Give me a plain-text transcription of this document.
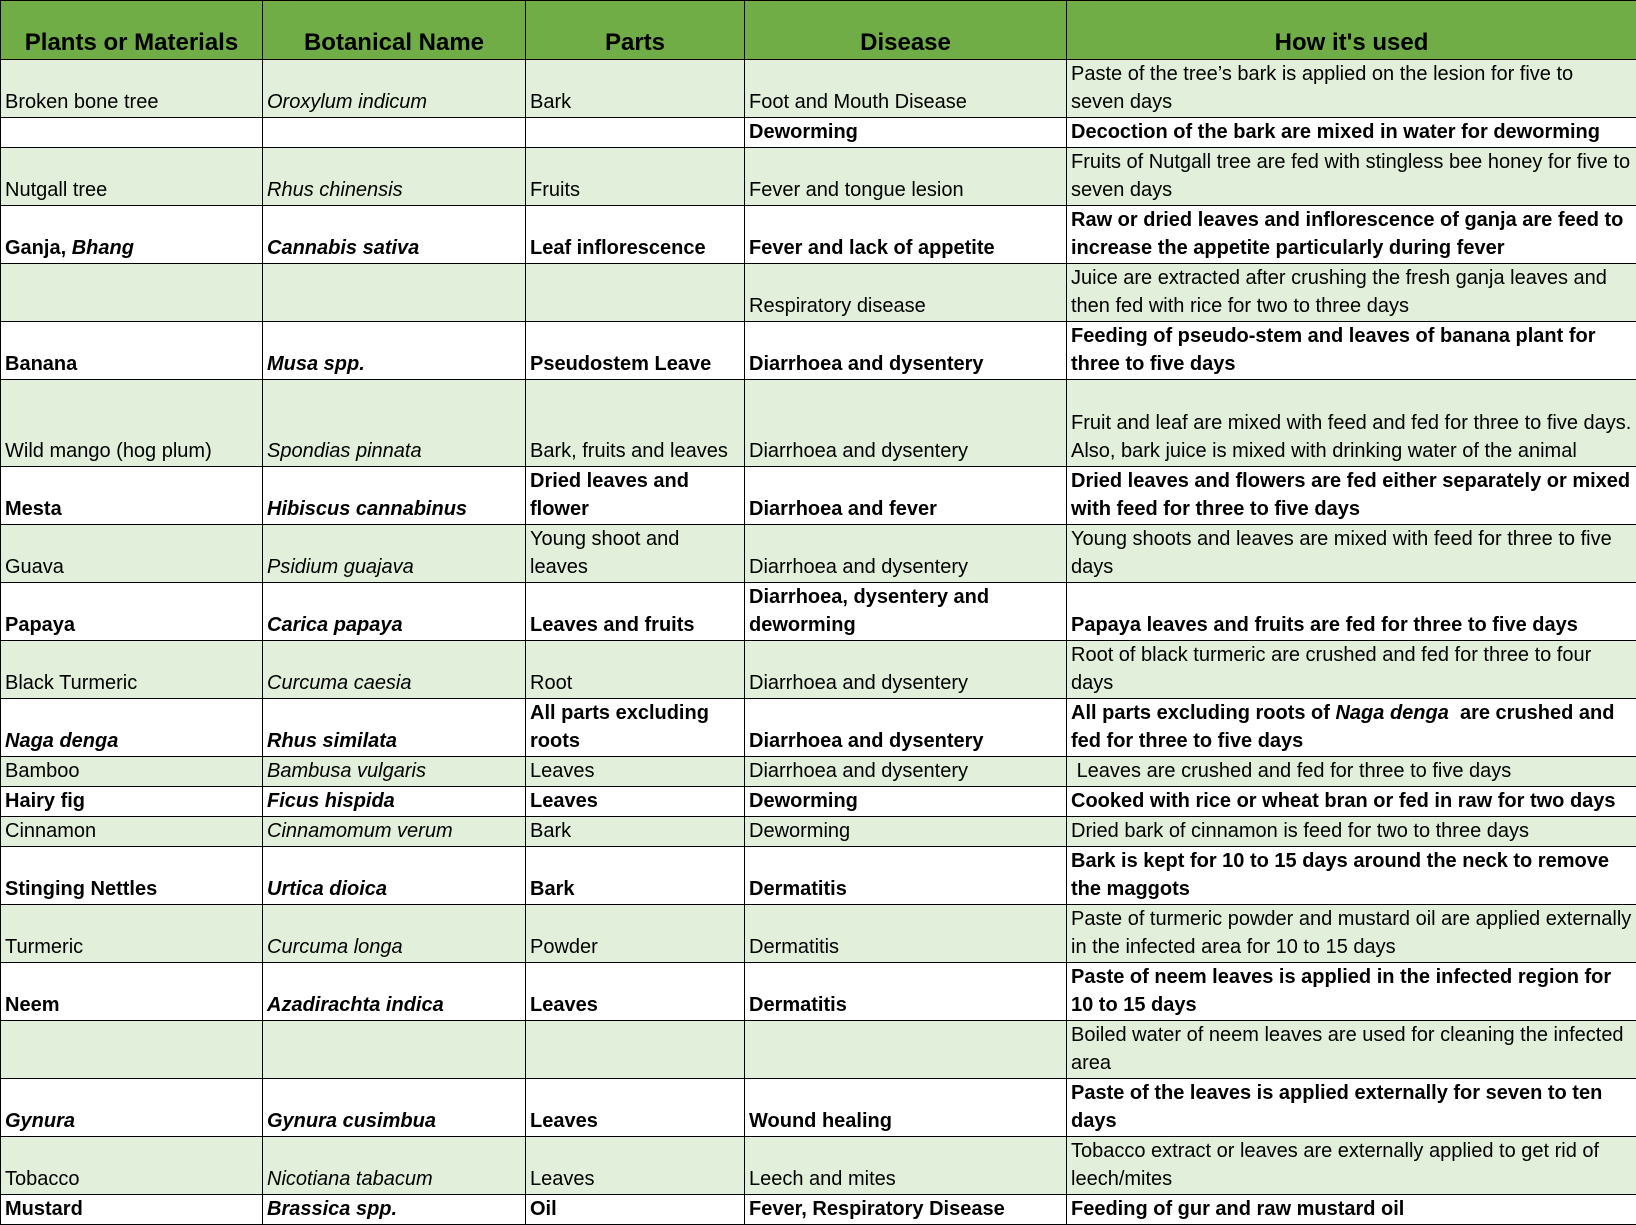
Plants or Materials	Botanical Name	Parts	Disease	How it's used
Broken bone tree	Oroxylum indicum	Bark	Foot and Mouth Disease	Paste of the tree’s bark is applied on the lesion for five to seven days
			Deworming	Decoction of the bark are mixed in water for deworming
Nutgall tree	Rhus chinensis	Fruits	Fever and tongue lesion	Fruits of Nutgall tree are fed with stingless bee honey for five to seven days
Ganja, Bhang	Cannabis sativa	Leaf inflorescence	Fever and lack of appetite	Raw or dried leaves and inflorescence of ganja are feed to increase the appetite particularly during fever
			Respiratory disease	Juice are extracted after crushing the fresh ganja leaves and then fed with rice for two to three days
Banana	Musa spp.	Pseudostem Leave	Diarrhoea and dysentery	Feeding of pseudo-stem and leaves of banana plant for three to five days
Wild mango (hog plum)	Spondias pinnata	Bark, fruits and leaves	Diarrhoea and dysentery	Fruit and leaf are mixed with feed and fed for three to five days. Also, bark juice is mixed with drinking water of the animal
Mesta	Hibiscus cannabinus	Dried leaves and flower	Diarrhoea and fever	Dried leaves and flowers are fed either separately or mixed with feed for three to five days
Guava	Psidium guajava	Young shoot and leaves	Diarrhoea and dysentery	Young shoots and leaves are mixed with feed for three to five days
Papaya	Carica papaya	Leaves and fruits	Diarrhoea, dysentery and deworming	Papaya leaves and fruits are fed for three to five days
Black Turmeric	Curcuma caesia	Root	Diarrhoea and dysentery	Root of black turmeric are crushed and fed for three to four days
Naga denga	Rhus similata	All parts excluding roots	Diarrhoea and dysentery	All parts excluding roots of Naga denga  are crushed and fed for three to five days
Bamboo	Bambusa vulgaris	Leaves	Diarrhoea and dysentery	Leaves are crushed and fed for three to five days
Hairy fig	Ficus hispida	Leaves	Deworming	Cooked with rice or wheat bran or fed in raw for two days
Cinnamon	Cinnamomum verum	Bark	Deworming	Dried bark of cinnamon is feed for two to three days
Stinging Nettles	Urtica dioica	Bark	Dermatitis	Bark is kept for 10 to 15 days around the neck to remove the maggots
Turmeric	Curcuma longa	Powder	Dermatitis	Paste of turmeric powder and mustard oil are applied externally in the infected area for 10 to 15 days
Neem	Azadirachta indica	Leaves	Dermatitis	Paste of neem leaves is applied in the infected region for 10 to 15 days
				Boiled water of neem leaves are used for cleaning the infected area
Gynura	Gynura cusimbua	Leaves	Wound healing	Paste of the leaves is applied externally for seven to ten days
Tobacco	Nicotiana tabacum	Leaves	Leech and mites	Tobacco extract or leaves are externally applied to get rid of leech/mites
Mustard	Brassica spp.	Oil	Fever, Respiratory Disease	Feeding of gur and raw mustard oil
